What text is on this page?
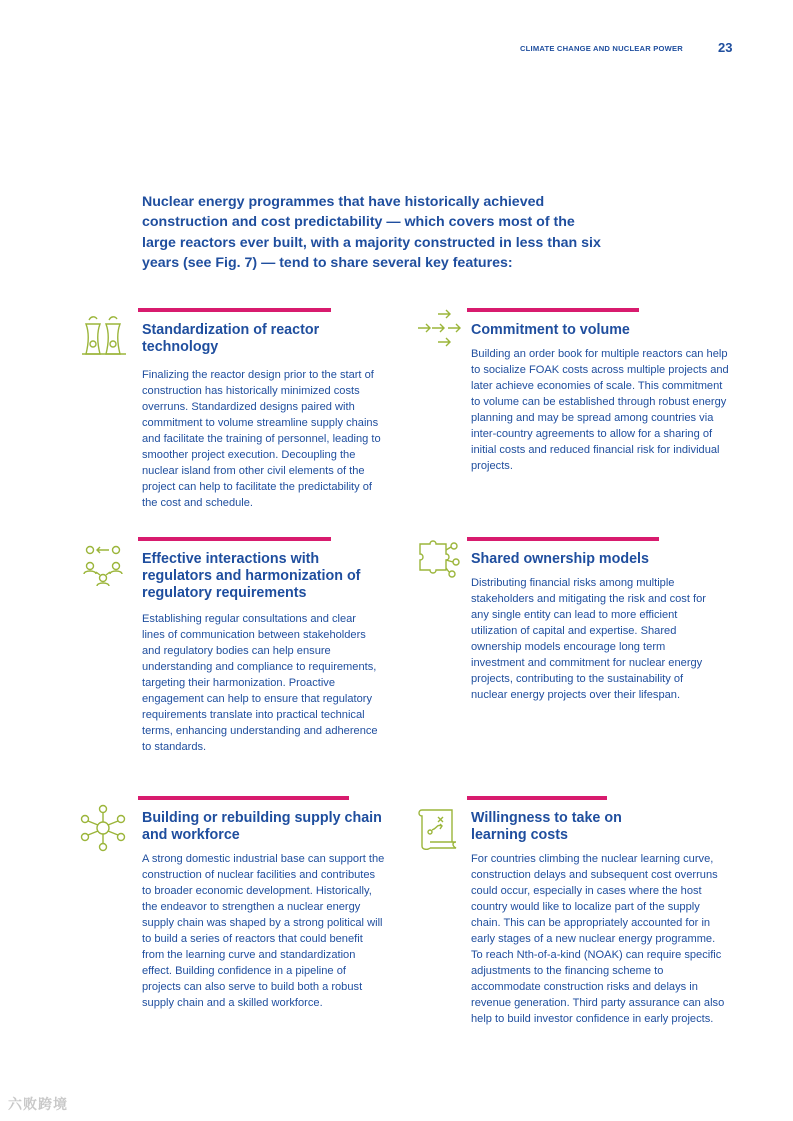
CLIMATE CHANGE AND NUCLEAR POWER	23

Nuclear energy programmes that have historically achieved construction and cost predictability — which covers most of the large reactors ever built, with a majority constructed in less than six years (see Fig. 7) — tend to share several key features:

Standardization of reactor technology

Finalizing the reactor design prior to the start of construction has historically minimized costs overruns. Standardized designs paired with commitment to volume streamline supply chains and facilitate the training of personnel, leading to smoother project execution. Decoupling the nuclear island from other civil elements of the project can help to facilitate the predictability of the cost and schedule.

Commitment to volume

Building an order book for multiple reactors can help to socialize FOAK costs across multiple projects and later achieve economies of scale. This commitment to volume can be established through robust energy planning and may be spread among countries via inter-country agreements to allow for a sharing of initial costs and reduced financial risk for individual projects.

Effective interactions with regulators and harmonization of regulatory requirements

Establishing regular consultations and clear lines of communication between stakeholders and regulatory bodies can help ensure understanding and compliance to requirements, targeting their harmonization. Proactive engagement can help to ensure that regulatory requirements translate into practical technical terms, enhancing understanding and adherence to standards.

Shared ownership models

Distributing financial risks among multiple stakeholders and mitigating the risk and cost for any single entity can lead to more efficient utilization of capital and expertise. Shared ownership models encourage long term investment and commitment for nuclear energy projects, contributing to the sustainability of nuclear energy projects over their lifespan.

Building or rebuilding supply chain and workforce

A strong domestic industrial base can support the construction of nuclear facilities and contributes to broader economic development. Historically, the endeavor to strengthen a nuclear energy supply chain was shaped by a strong political will to build a series of reactors that could benefit from the learning curve and standardization effect. Building confidence in a pipeline of projects can also serve to build both a robust supply chain and a skilled workforce.

Willingness to take on learning costs

For countries climbing the nuclear learning curve, construction delays and subsequent cost overruns could occur, especially in cases where the host country would like to localize part of the supply chain. This can be appropriately accounted for in early stages of a new nuclear energy programme. To reach Nth-of-a-kind (NOAK) can require specific adjustments to the financing scheme to accommodate construction risks and delays in revenue generation. Third party assurance can also help to build investor confidence in early projects.

六败跨境
